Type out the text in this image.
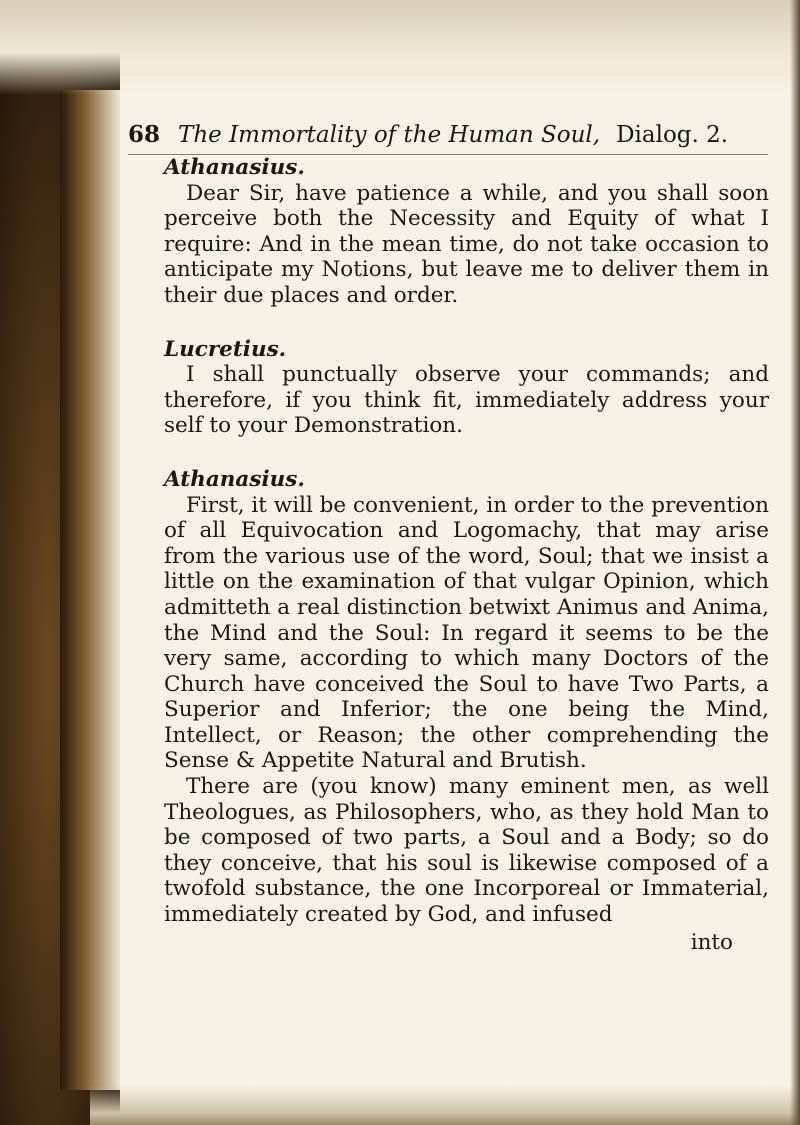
68 The Immortality of the Human Soul, Dialog. 2.
Athanasius.

Dear Sir, have patience a while, and you shall soon perceive both the Necessity and Equity of what I require: And in the mean time, do not take occasion to anticipate my Notions, but leave me to deliver them in their due places and order.

Lucretius.

I shall punctually observe your commands; and therefore, if you think fit, immediately address your self to your Demonstration.

Athanasius.

First, it will be convenient, in order to the prevention of all Equivocation and Logomachy, that may arise from the various use of the word, Soul; that we insist a little on the examination of that vulgar Opinion, which admitteth a real distinction betwixt Animus and Anima, the Mind and the Soul: In regard it seems to be the very same, according to which many Doctors of the Church have conceived the Soul to have Two Parts, a Superior and Inferior; the one being the Mind, Intellect, or Reason; the other comprehending the Sense & Appetite Natural and Brutish.

There are (you know) many eminent men, as well Theologues, as Philosophers, who, as they hold Man to be composed of two parts, a Soul and a Body; so do they conceive, that his soul is likewise composed of a twofold substance, the one Incorporeal or Immaterial, immediately created by God, and infused

into
